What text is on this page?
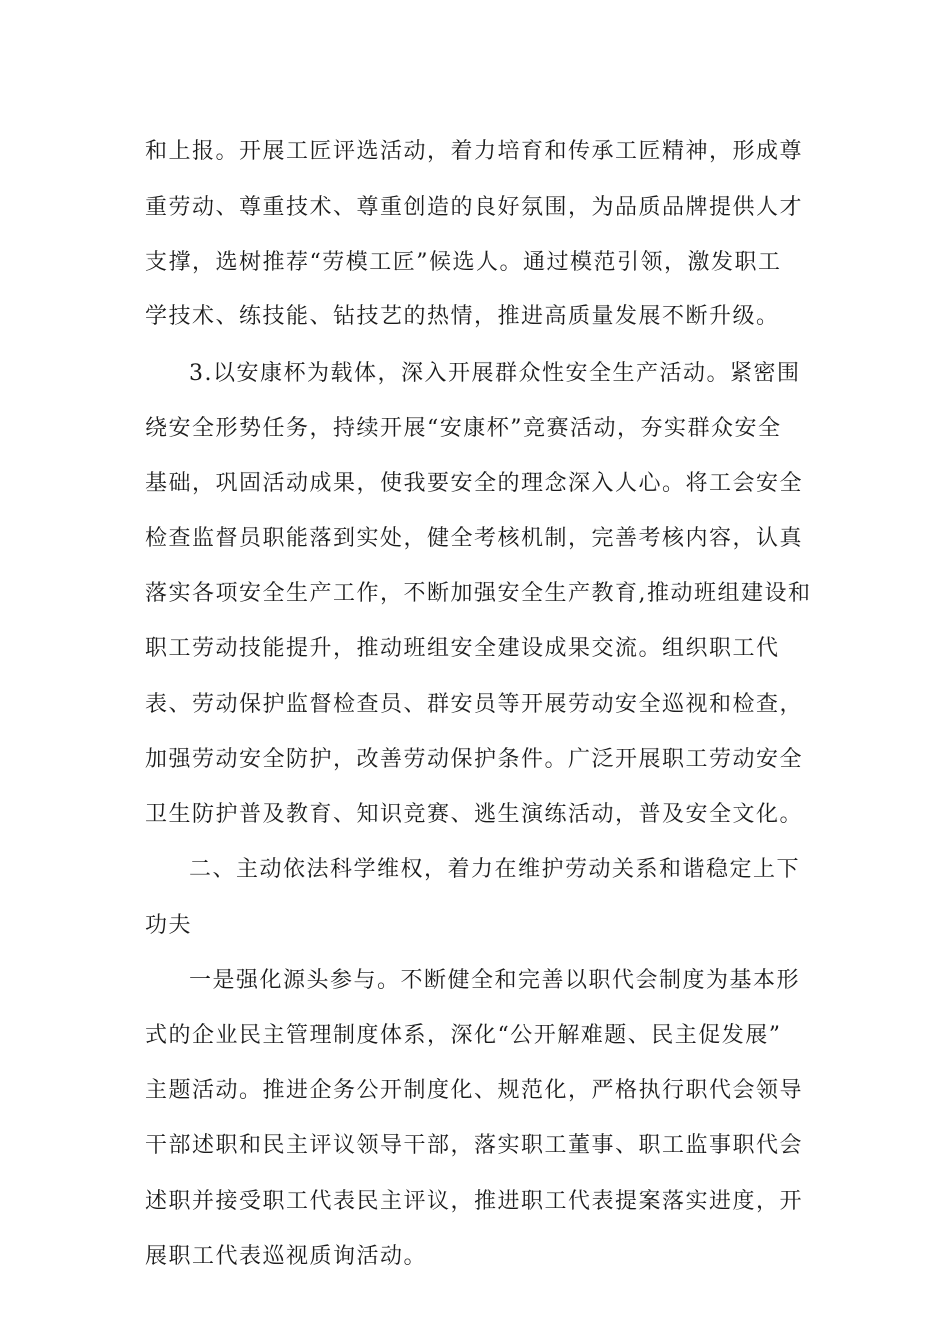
和上报。开展工匠评选活动，着力培育和传承工匠精神，形成尊

重劳动、尊重技术、尊重创造的良好氛围，为品质品牌提供人才

支撑，选树推荐“劳模工匠”候选人。通过模范引领，激发职工

学技术、练技能、钻技艺的热情，推进高质量发展不断升级。

3.以安康杯为载体，深入开展群众性安全生产活动。紧密围

绕安全形势任务，持续开展“安康杯”竞赛活动，夯实群众安全

基础，巩固活动成果，使我要安全的理念深入人心。将工会安全

检查监督员职能落到实处，健全考核机制，完善考核内容，认真

落实各项安全生产工作，不断加强安全生产教育,推动班组建设和

职工劳动技能提升，推动班组安全建设成果交流。组织职工代

表、劳动保护监督检查员、群安员等开展劳动安全巡视和检查，

加强劳动安全防护，改善劳动保护条件。广泛开展职工劳动安全

卫生防护普及教育、知识竞赛、逃生演练活动，普及安全文化。

二、主动依法科学维权，着力在维护劳动关系和谐稳定上下

功夫

一是强化源头参与。不断健全和完善以职代会制度为基本形

式的企业民主管理制度体系，深化“公开解难题、民主促发展”

主题活动。推进企务公开制度化、规范化，严格执行职代会领导

干部述职和民主评议领导干部，落实职工董事、职工监事职代会

述职并接受职工代表民主评议，推进职工代表提案落实进度，开

展职工代表巡视质询活动。
